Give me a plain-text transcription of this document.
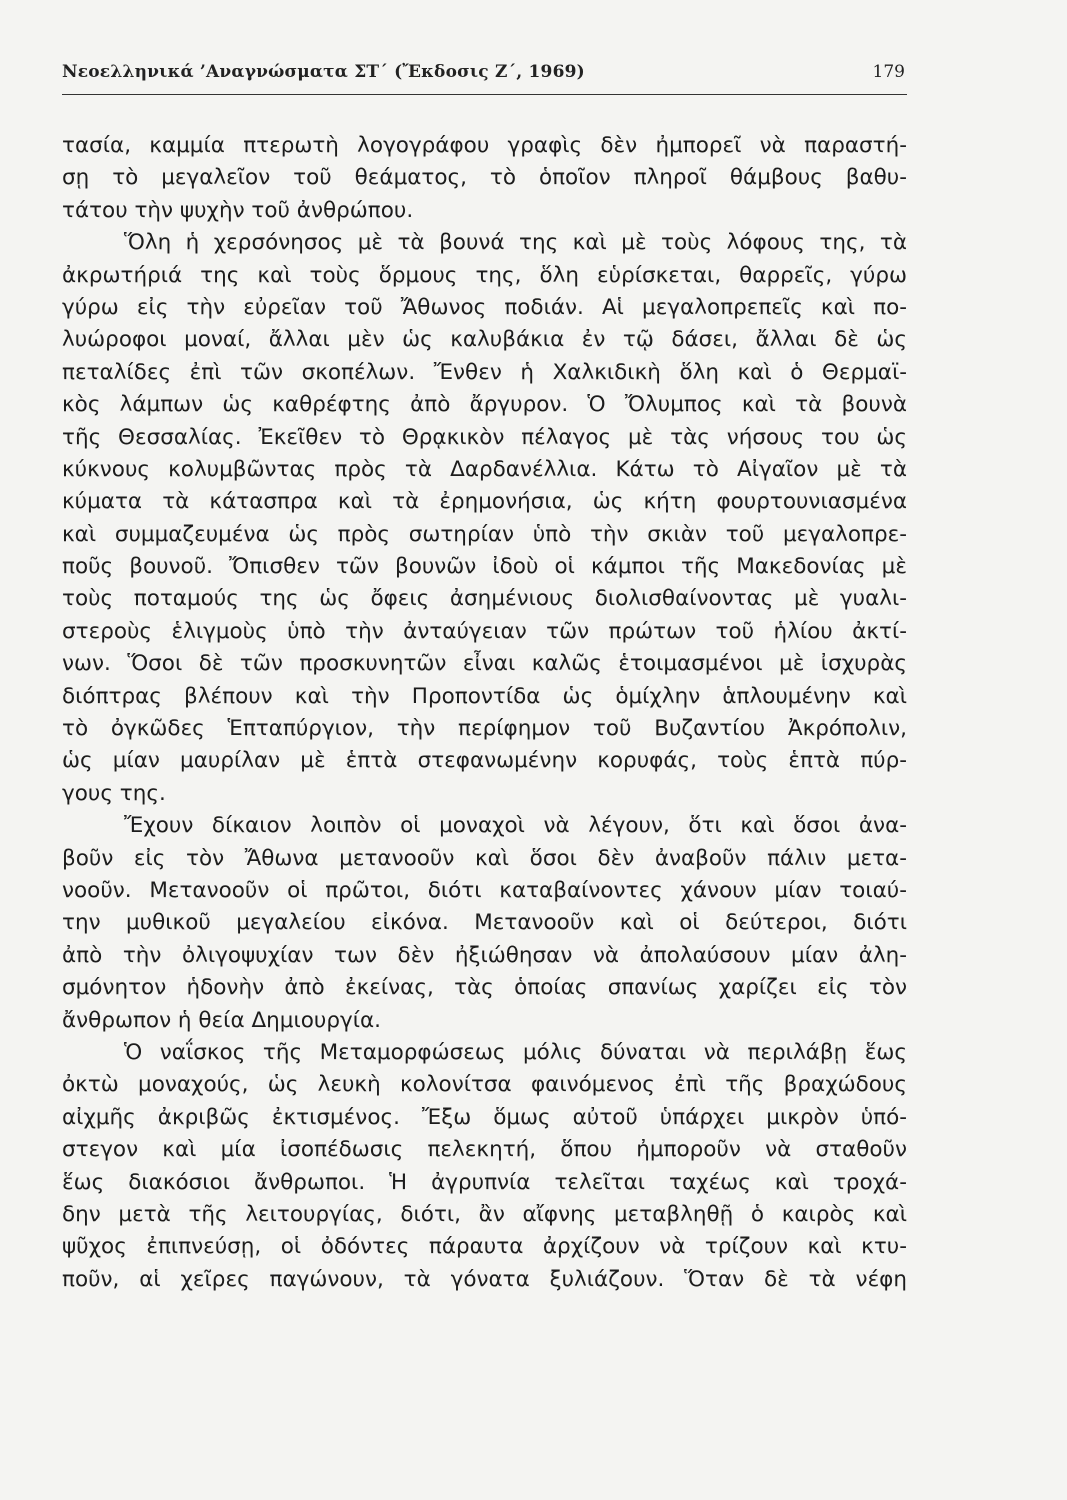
Νεοελληνικά ’Αναγνώσματα ΣΤ΄ (Ἔκδοσις Ζ΄, 1969)	179
τασία, καμμία πτερωτὴ λογογράφου γραφὶς δὲν ἠμπορεῖ νὰ παραστή-
σῃ τὸ μεγαλεῖον τοῦ θεάματος, τὸ ὁποῖον πληροῖ θάμβους βαθυ-
τάτου τὴν ψυχὴν τοῦ ἀνθρώπου.
Ὅλη ἡ χερσόνησος μὲ τὰ βουνά της καὶ μὲ τοὺς λόφους της, τὰ
ἀκρωτήριά της καὶ τοὺς ὅρμους της, ὅλη εὑρίσκεται, θαρρεῖς, γύρω
γύρω εἰς τὴν εὐρεῖαν τοῦ Ἄθωνος ποδιάν. Αἱ μεγαλοπρεπεῖς καὶ πο-
λυώροφοι μοναί, ἄλλαι μὲν ὡς καλυβάκια ἐν τῷ δάσει, ἄλλαι δὲ ὡς
πεταλίδες ἐπὶ τῶν σκοπέλων. Ἔνθεν ἡ Χαλκιδικὴ ὅλη καὶ ὁ Θερμαϊ-
κὸς λάμπων ὡς καθρέφτης ἀπὸ ἄργυρον. Ὁ Ὄλυμπος καὶ τὰ βουνὰ
τῆς Θεσσαλίας. Ἐκεῖθεν τὸ Θρᾳκικὸν πέλαγος μὲ τὰς νήσους του ὡς
κύκνους κολυμβῶντας πρὸς τὰ Δαρδανέλλια. Κάτω τὸ Αἰγαῖον μὲ τὰ
κύματα τὰ κάτασπρα καὶ τὰ ἐρημονήσια, ὡς κήτη φουρτουνιασμένα
καὶ συμμαζευμένα ὡς πρὸς σωτηρίαν ὑπὸ τὴν σκιὰν τοῦ μεγαλοπρε-
ποῦς βουνοῦ. Ὄπισθεν τῶν βουνῶν ἰδοὺ οἱ κάμποι τῆς Μακεδονίας μὲ
τοὺς ποταμούς της ὡς ὄφεις ἀσημένιους διολισθαίνοντας μὲ γυαλι-
στεροὺς ἑλιγμοὺς ὑπὸ τὴν ἀνταύγειαν τῶν πρώτων τοῦ ἡλίου ἀκτί-
νων. Ὅσοι δὲ τῶν προσκυνητῶν εἶναι καλῶς ἑτοιμασμένοι μὲ ἰσχυρὰς
διόπτρας βλέπουν καὶ τὴν Προποντίδα ὡς ὁμίχλην ἁπλουμένην καὶ
τὸ ὀγκῶδες Ἑπταπύργιον, τὴν περίφημον τοῦ Βυζαντίου Ἀκρόπολιν,
ὡς μίαν μαυρίλαν μὲ ἑπτὰ στεφανωμένην κορυφάς, τοὺς ἑπτὰ πύρ-
γους της.
Ἔχουν δίκαιον λοιπὸν οἱ μοναχοὶ νὰ λέγουν, ὅτι καὶ ὅσοι ἀνα-
βοῦν εἰς τὸν Ἄθωνα μετανοοῦν καὶ ὅσοι δὲν ἀναβοῦν πάλιν μετα-
νοοῦν. Μετανοοῦν οἱ πρῶτοι, διότι καταβαίνοντες χάνουν μίαν τοιαύ-
την μυθικοῦ μεγαλείου εἰκόνα. Μετανοοῦν καὶ οἱ δεύτεροι, διότι
ἀπὸ τὴν ὀλιγοψυχίαν των δὲν ἠξιώθησαν νὰ ἀπολαύσουν μίαν ἀλη-
σμόνητον ἡδονὴν ἀπὸ ἐκείνας, τὰς ὁποίας σπανίως χαρίζει εἰς τὸν
ἄνθρωπον ἡ θεία Δημιουργία.
Ὁ ναΐσκος τῆς Μεταμορφώσεως μόλις δύναται νὰ περιλάβῃ ἕως
ὀκτὼ μοναχούς, ὡς λευκὴ κολονίτσα φαινόμενος ἐπὶ τῆς βραχώδους
αἰχμῆς ἀκριβῶς ἐκτισμένος. Ἔξω ὅμως αὐτοῦ ὑπάρχει μικρὸν ὑπό-
στεγον καὶ μία ἰσοπέδωσις πελεκητή, ὅπου ἠμποροῦν νὰ σταθοῦν
ἕως διακόσιοι ἄνθρωποι. Ἡ ἀγρυπνία τελεῖται ταχέως καὶ τροχά-
δην μετὰ τῆς λειτουργίας, διότι, ἂν αἴφνης μεταβληθῇ ὁ καιρὸς καὶ
ψῦχος ἐπιπνεύσῃ, οἱ ὀδόντες πάραυτα ἀρχίζουν νὰ τρίζουν καὶ κτυ-
ποῦν, αἱ χεῖρες παγώνουν, τὰ γόνατα ξυλιάζουν. Ὅταν δὲ τὰ νέφη
